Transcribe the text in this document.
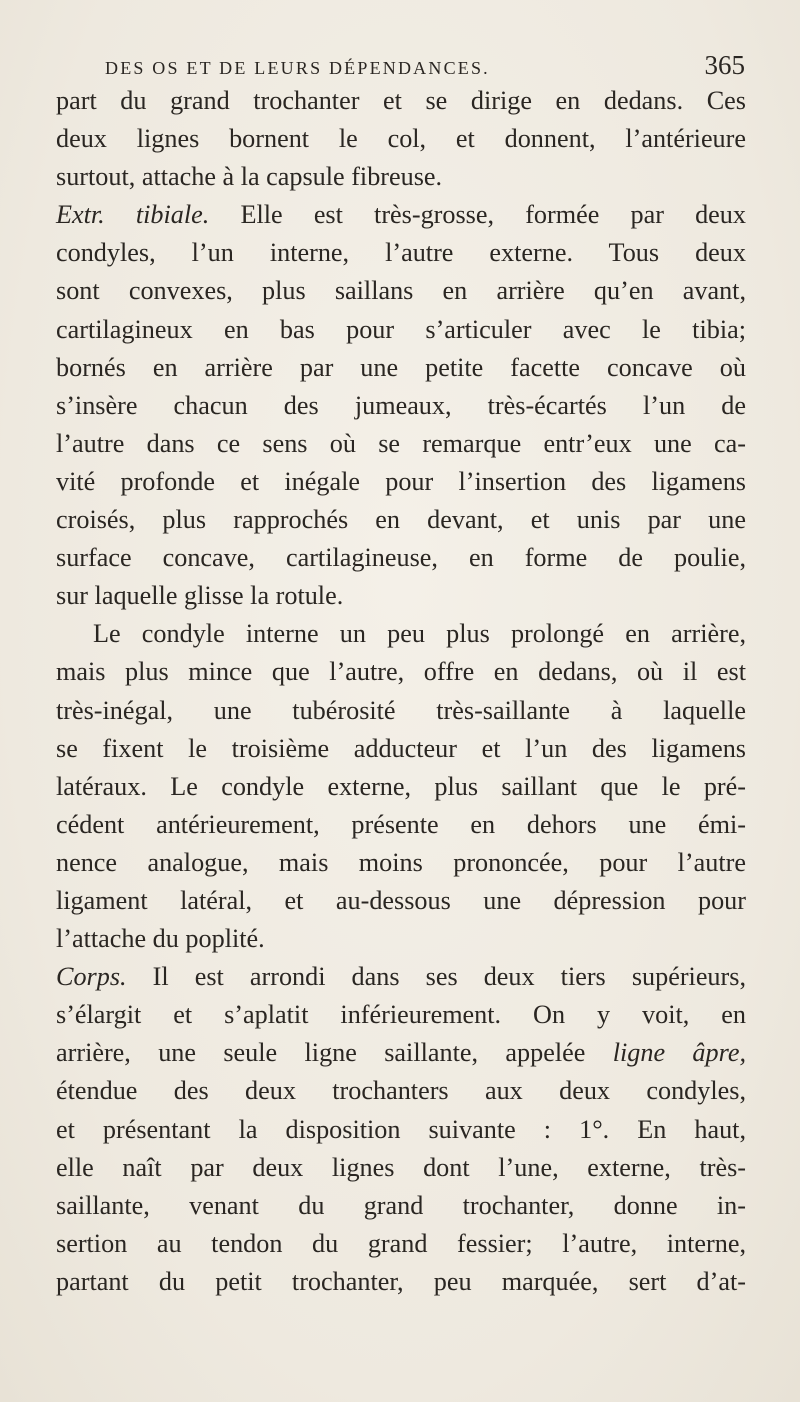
DES OS ET DE LEURS DÉPENDANCES.	365
part du grand trochanter et se dirige en dedans. Ces
deux lignes bornent le col, et donnent, l’antérieure
surtout, attache à la capsule fibreuse.
Extr. tibiale. Elle est très-grosse, formée par deux
condyles, l’un interne, l’autre externe. Tous deux
sont convexes, plus saillans en arrière qu’en avant,
cartilagineux en bas pour s’articuler avec le tibia;
bornés en arrière par une petite facette concave où
s’insère chacun des jumeaux, très-écartés l’un de
l’autre dans ce sens où se remarque entr’eux une ca-
vité profonde et inégale pour l’insertion des ligamens
croisés, plus rapprochés en devant, et unis par une
surface concave, cartilagineuse, en forme de poulie,
sur laquelle glisse la rotule.
Le condyle interne un peu plus prolongé en arrière,
mais plus mince que l’autre, offre en dedans, où il est
très-inégal, une tubérosité très-saillante à laquelle
se fixent le troisième adducteur et l’un des ligamens
latéraux. Le condyle externe, plus saillant que le pré-
cédent antérieurement, présente en dehors une émi-
nence analogue, mais moins prononcée, pour l’autre
ligament latéral, et au-dessous une dépression pour
l’attache du poplité.
Corps. Il est arrondi dans ses deux tiers supérieurs,
s’élargit et s’aplatit inférieurement. On y voit, en
arrière, une seule ligne saillante, appelée ligne âpre,
étendue des deux trochanters aux deux condyles,
et présentant la disposition suivante : 1°. En haut,
elle naît par deux lignes dont l’une, externe, très-
saillante, venant du grand trochanter, donne in-
sertion au tendon du grand fessier; l’autre, interne,
partant du petit trochanter, peu marquée, sert d’at-
